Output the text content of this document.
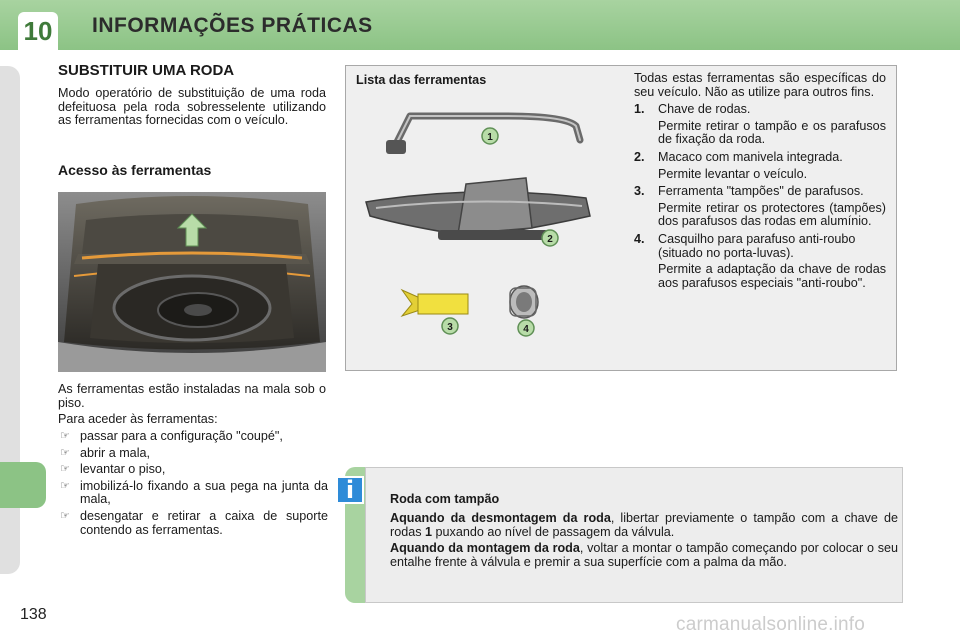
10 INFORMAÇÕES PRÁTICAS
138
SUBSTITUIR UMA RODA
Modo operatório de substituição de uma roda defeituosa pela roda sobresselente utilizando as ferramentas fornecidas com o veículo.
Acesso às ferramentas
As ferramentas estão instaladas na mala sob o piso.
Para aceder às ferramentas:
☞ passar para a configuração "coupé",
☞ abrir a mala,
☞ levantar o piso,
☞ imobilizá-lo fixando a sua pega na junta da mala,
☞ desengatar e retirar a caixa de suporte contendo as ferramentas.
1
2
3	4
Lista das ferramentas	Todas estas ferramentas são específicas do seu veículo. Não as utilize para outros fins.

1. Chave de rodas.
Permite retirar o tampão e os parafusos de fixação da roda.
2. Macaco com manivela integrada.
Permite levantar o veículo.
3. Ferramenta "tampões" de parafusos.
Permite retirar os protectores (tampões) dos parafusos das rodas em alumínio.
4. Casquilho para parafuso anti-roubo (situado no porta-luvas).
Permite a adaptação da chave de rodas aos parafusos especiais "anti-roubo".
Roda com tampão
Aquando da desmontagem da roda, libertar previamente o tampão com a chave de rodas 1 puxando ao nível de passagem da válvula.
Aquando da montagem da roda, voltar a montar o tampão começando por colocar o seu entalhe frente à válvula e premir a sua superfície com a palma da mão.
i
carmanualsonline.info
